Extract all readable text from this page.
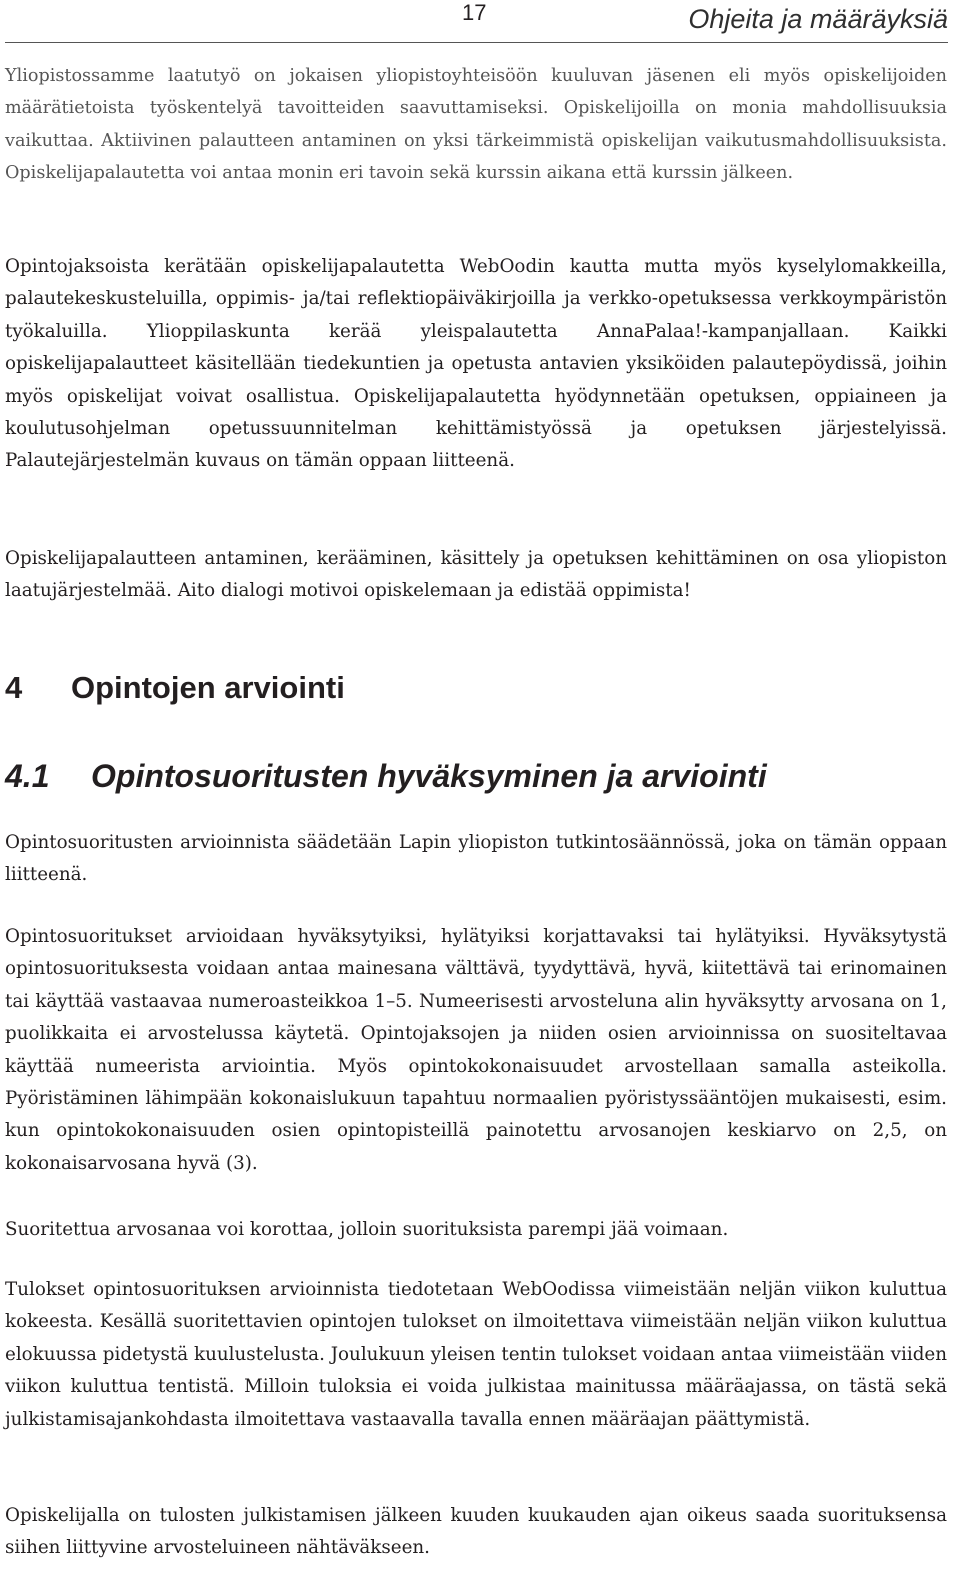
17	Ohjeita ja määräyksiä

Yliopistossamme laatutyö on jokaisen yliopistoyhteisöön kuuluvan jäsenen eli myös opiskelijoiden määrätietoista työskentelyä tavoitteiden saavuttamiseksi. Opiskelijoilla on monia mahdollisuuksia vaikuttaa. Aktiivinen palautteen antaminen on yksi tärkeimmistä opiskelijan vaikutusmahdollisuuksista. Opiskelijapalautetta voi antaa monin eri tavoin sekä kurssin aikana että kurssin jälkeen.

Opintojaksoista kerätään opiskelijapalautetta WebOodin kautta mutta myös kyselylomakkeilla, palautekeskusteluilla, oppimis- ja/tai reflektiopäiväkirjoilla ja verkko-opetuksessa verkkoympäristön työkaluilla. Ylioppilaskunta kerää yleispalautetta AnnaPalaa!-kampanjallaan. Kaikki opiskelijapalautteet käsitellään tiedekuntien ja opetusta antavien yksiköiden palautepöydissä, joihin myös opiskelijat voivat osallistua. Opiskelijapalautetta hyödynnetään opetuksen, oppiaineen ja koulutusohjelman opetussuunnitelman kehittämistyössä ja opetuksen järjestelyissä. Palautejärjestelmän kuvaus on tämän oppaan liitteenä.

Opiskelijapalautteen antaminen, kerääminen, käsittely ja opetuksen kehittäminen on osa yliopiston laatujärjestelmää. Aito dialogi motivoi opiskelemaan ja edistää oppimista!

4 Opintojen arviointi
4.1 Opintosuoritusten hyväksyminen ja arviointi

Opintosuoritusten arvioinnista säädetään Lapin yliopiston tutkintosäännössä, joka on tämän oppaan liitteenä.

Opintosuoritukset arvioidaan hyväksytyiksi, hylätyiksi korjattavaksi tai hylätyiksi. Hyväksytystä opintosuorituksesta voidaan antaa mainesana välttävä, tyydyttävä, hyvä, kiitettävä tai erinomainen tai käyttää vastaavaa numeroasteikkoa 1–5. Numeerisesti arvosteluna alin hyväksytty arvosana on 1, puolikkaita ei arvostelussa käytetä. Opintojaksojen ja niiden osien arvioinnissa on suositeltavaa käyttää numeerista arviointia. Myös opintokokonaisuudet arvostellaan samalla asteikolla. Pyöristäminen lähimpään kokonaislukuun tapahtuu normaalien pyöristyssääntöjen mukaisesti, esim. kun opintokokonaisuuden osien opintopisteillä painotettu arvosanojen keskiarvo on 2,5, on kokonaisarvosana hyvä (3).

Suoritettua arvosanaa voi korottaa, jolloin suorituksista parempi jää voimaan.

Tulokset opintosuorituksen arvioinnista tiedotetaan WebOodissa viimeistään neljän viikon kuluttua kokeesta. Kesällä suoritettavien opintojen tulokset on ilmoitettava viimeistään neljän viikon kuluttua elokuussa pidetystä kuulustelusta. Joulukuun yleisen tentin tulokset voidaan antaa viimeistään viiden viikon kuluttua tentistä. Milloin tuloksia ei voida julkistaa mainitussa määräajassa, on tästä sekä julkistamisajankohdasta ilmoitettava vastaavalla tavalla ennen määräajan päättymistä.

Opiskelijalla on tulosten julkistamisen jälkeen kuuden kuukauden ajan oikeus saada suorituksensa siihen liittyvine arvosteluineen nähtäväkseen.
